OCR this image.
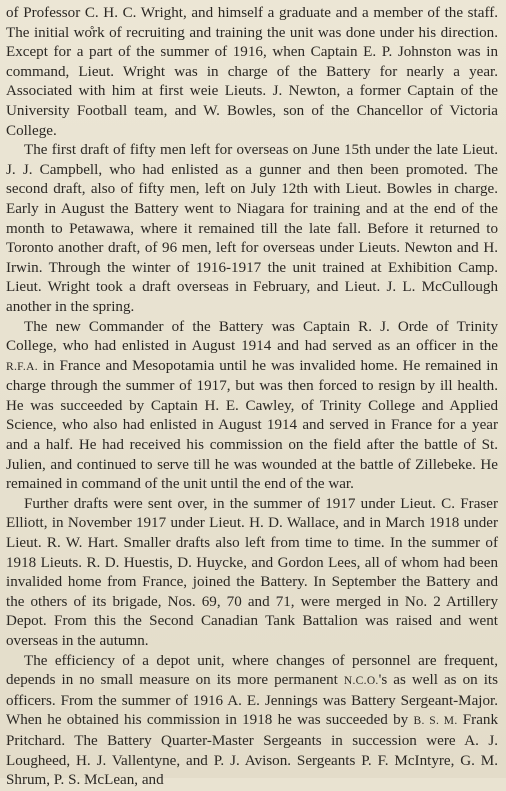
of Professor C. H. C. Wright, and himself a graduate and a member of the staff. The initial wo̊rk of recruiting and training the unit was done under his direction. Except for a part of the summer of 1916, when Captain E. P. Johnston was in command, Lieut. Wright was in charge of the Battery for nearly a year. Associated with him at first weie Lieuts. J. Newton, a former Captain of the University Football team, and W. Bowles, son of the Chancellor of Victoria College.

The first draft of fifty men left for overseas on June 15th under the late Lieut. J. J. Campbell, who had enlisted as a gunner and then been promoted. The second draft, also of fifty men, left on July 12th with Lieut. Bowles in charge. Early in August the Battery went to Niagara for training and at the end of the month to Petawawa, where it remained till the late fall. Before it returned to Toronto another draft, of 96 men, left for overseas under Lieuts. Newton and H. Irwin. Through the winter of 1916-1917 the unit trained at Exhibition Camp. Lieut. Wright took a draft overseas in February, and Lieut. J. L. McCullough another in the spring.

The new Commander of the Battery was Captain R. J. Orde of Trinity College, who had enlisted in August 1914 and had served as an officer in the R.F.A. in France and Mesopotamia until he was invalided home. He remained in charge through the summer of 1917, but was then forced to resign by ill health. He was succeeded by Captain H. E. Cawley, of Trinity College and Applied Science, who also had enlisted in August 1914 and served in France for a year and a half. He had received his commission on the field after the battle of St. Julien, and continued to serve till he was wounded at the battle of Zillebeke. He remained in command of the unit until the end of the war.

Further drafts were sent over, in the summer of 1917 under Lieut. C. Fraser Elliott, in November 1917 under Lieut. H. D. Wallace, and in March 1918 under Lieut. R. W. Hart. Smaller drafts also left from time to time. In the summer of 1918 Lieuts. R. D. Huestis, D. Huycke, and Gordon Lees, all of whom had been invalided home from France, joined the Battery. In September the Battery and the others of its brigade, Nos. 69, 70 and 71, were merged in No. 2 Artillery Depot. From this the Second Canadian Tank Battalion was raised and went overseas in the autumn.

The efficiency of a depot unit, where changes of personnel are frequent, depends in no small measure on its more permanent N.C.O.'s as well as on its officers. From the summer of 1916 A. E. Jennings was Battery Sergeant-Major. When he obtained his commission in 1918 he was succeeded by B. S. M. Frank Pritchard. The Battery Quarter-Master Sergeants in succession were A. J. Lougheed, H. J. Vallentyne, and P. J. Avison. Sergeants P. F. McIntyre, G. M. Shrum, P. S. McLean, and
